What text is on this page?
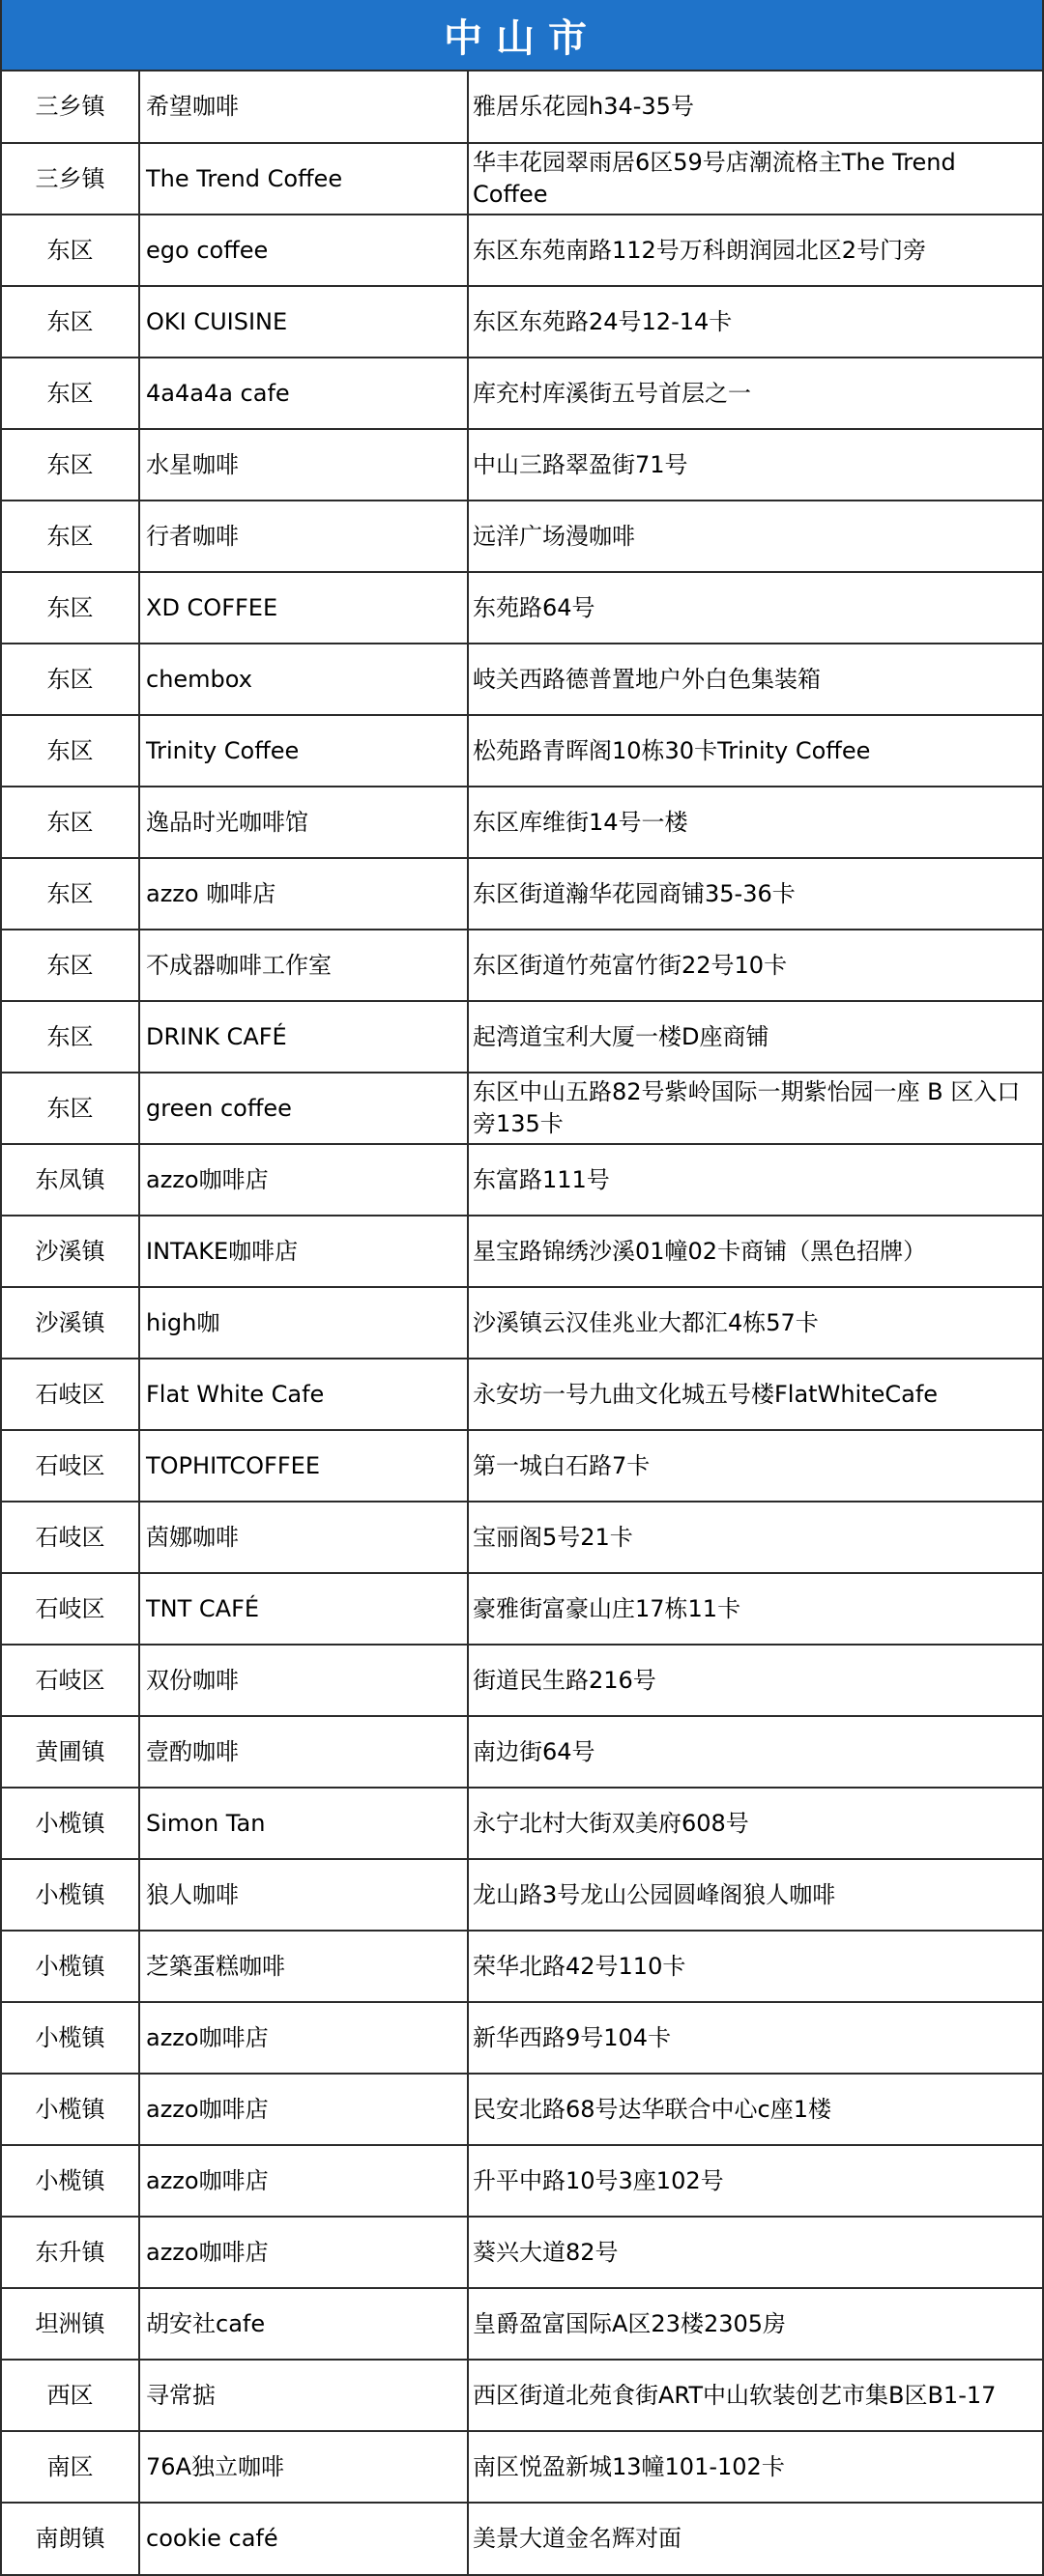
中山市
三乡镇	希望咖啡	雅居乐花园h34-35号
三乡镇	The Trend Coffee	华丰花园翠雨居6区59号店潮流格主The Trend Coffee
东区	ego coffee	东区东苑南路112号万科朗润园北区2号门旁
东区	OKI CUISINE	东区东苑路24号12-14卡
东区	4a4a4a cafe	库充村库溪街五号首层之一
东区	水星咖啡	中山三路翠盈街71号
东区	行者咖啡	远洋广场漫咖啡
东区	XD COFFEE	东苑路64号
东区	chembox	岐关西路德普置地户外白色集装箱
东区	Trinity Coffee	松苑路青晖阁10栋30卡Trinity Coffee
东区	逸品时光咖啡馆	东区库维街14号一楼
东区	azzo 咖啡店	东区街道瀚华花园商铺35-36卡
东区	不成器咖啡工作室	东区街道竹苑富竹街22号10卡
东区	DRINK CAFÉ	起湾道宝利大厦一楼D座商铺
东区	green coffee	东区中山五路82号紫岭国际一期紫怡园一座 B 区入口旁135卡
东凤镇	azzo咖啡店	东富路111号
沙溪镇	INTAKE咖啡店	星宝路锦绣沙溪01幢02卡商铺（黑色招牌）
沙溪镇	high咖	沙溪镇云汉佳兆业大都汇4栋57卡
石岐区	Flat White Cafe	永安坊一号九曲文化城五号楼FlatWhiteCafe
石岐区	TOPHITCOFFEE	第一城白石路7卡
石岐区	茵娜咖啡	宝丽阁5号21卡
石岐区	TNT CAFÉ	豪雅街富豪山庄17栋11卡
石岐区	双份咖啡	街道民生路216号
黄圃镇	壹酌咖啡	南边街64号
小榄镇	Simon Tan	永宁北村大街双美府608号
小榄镇	狼人咖啡	龙山路3号龙山公园圆峰阁狼人咖啡
小榄镇	芝築蛋糕咖啡	荣华北路42号110卡
小榄镇	azzo咖啡店	新华西路9号104卡
小榄镇	azzo咖啡店	民安北路68号达华联合中心c座1楼
小榄镇	azzo咖啡店	升平中路10号3座102号
东升镇	azzo咖啡店	葵兴大道82号
坦洲镇	胡安社cafe	皇爵盈富国际A区23楼2305房
西区	寻常掂	西区街道北苑食街ART中山软装创艺市集B区B1-17
南区	76A独立咖啡	南区悦盈新城13幢101-102卡
南朗镇	cookie café	美景大道金名辉对面
